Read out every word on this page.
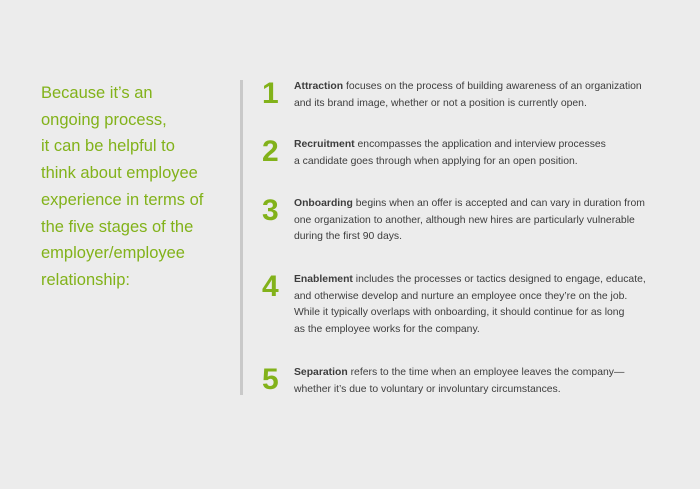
Because it’s an
ongoing process,
it can be helpful to
think about employee
experience in terms of
the five stages of the
employer/employee
relationship:
1	Attraction focuses on the process of building awareness of an organization
and its brand image, whether or not a position is currently open.
2	Recruitment encompasses the application and interview processes
a candidate goes through when applying for an open position.
3	Onboarding begins when an offer is accepted and can vary in duration from
one organization to another, although new hires are particularly vulnerable
during the first 90 days.
4	Enablement includes the processes or tactics designed to engage, educate,
and otherwise develop and nurture an employee once they’re on the job.
While it typically overlaps with onboarding, it should continue for as long
as the employee works for the company.
5	Separation refers to the time when an employee leaves the company—
whether it’s due to voluntary or involuntary circumstances.
